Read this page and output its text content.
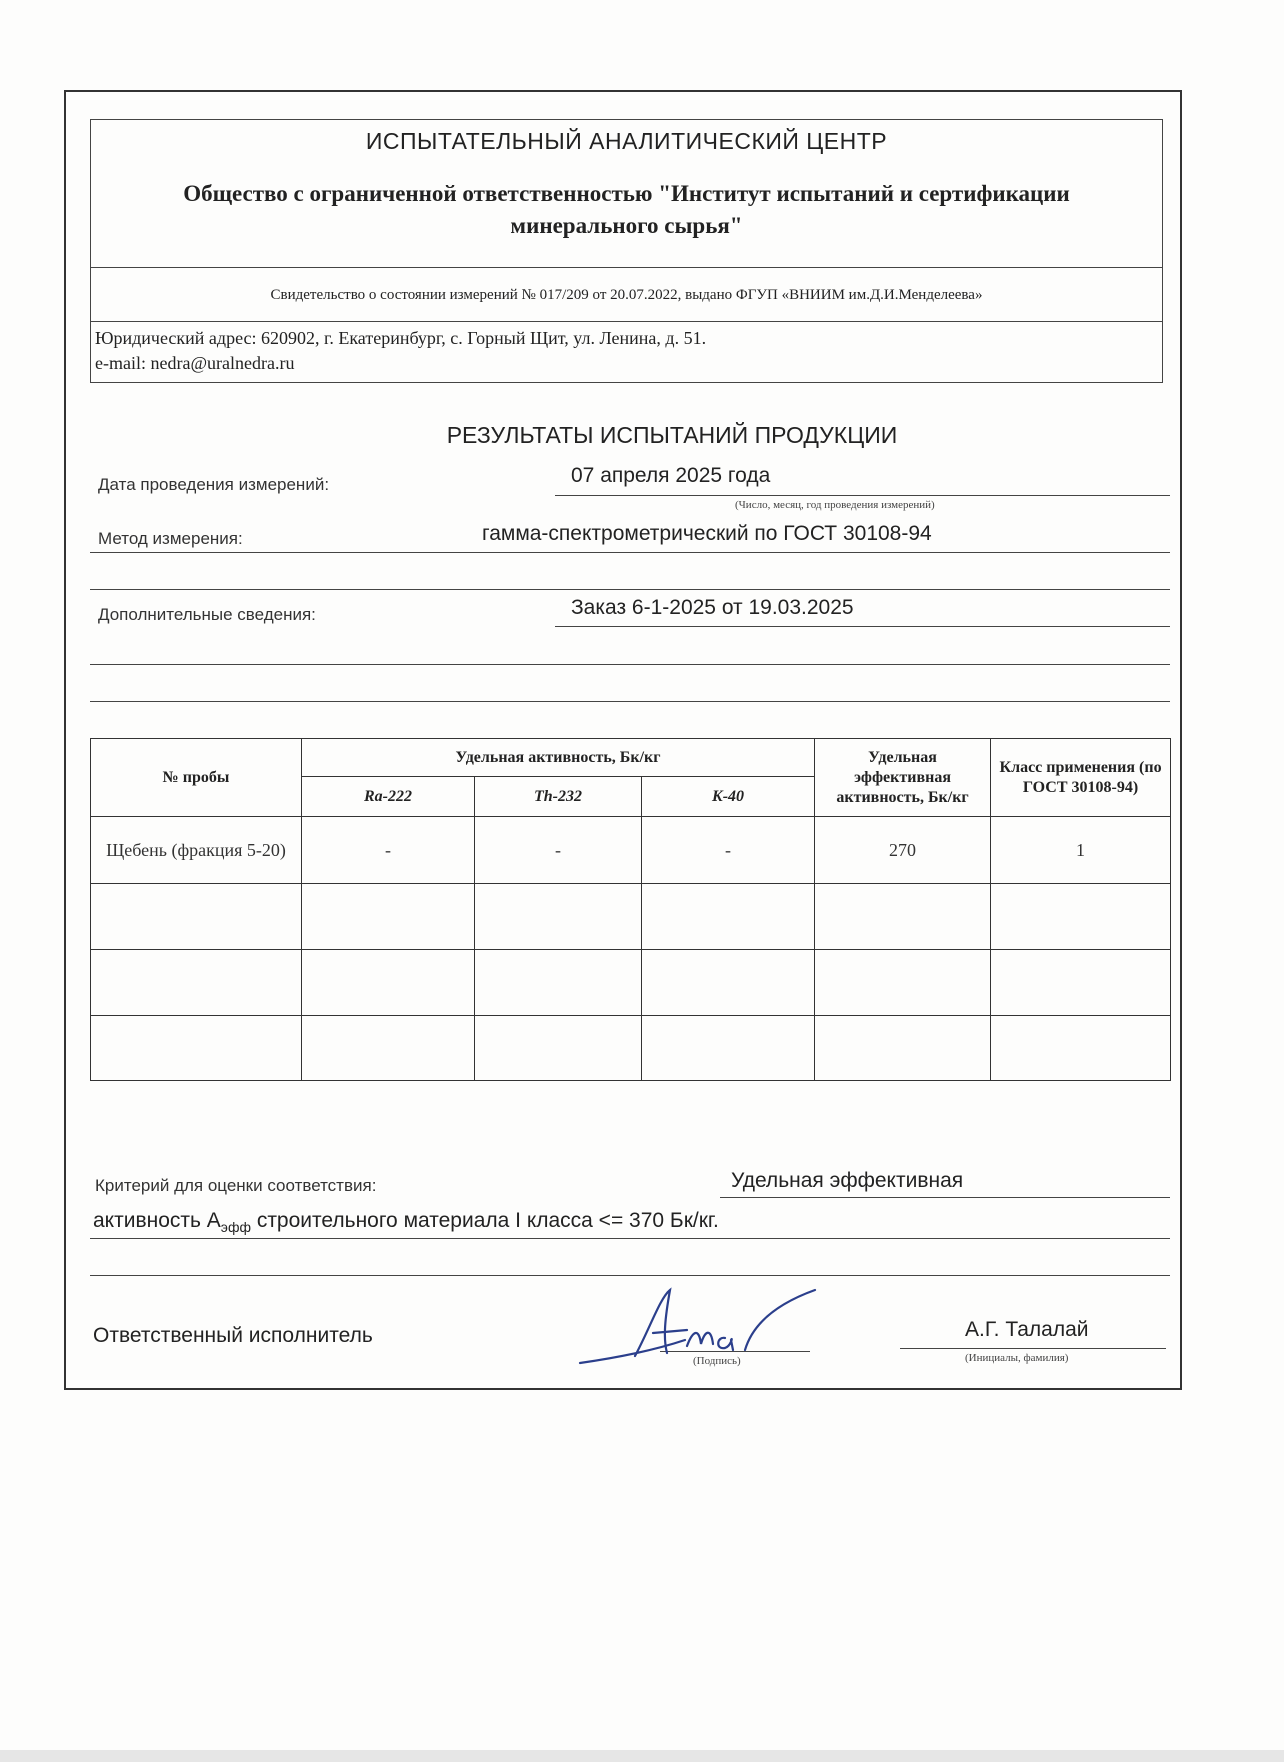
ИСПЫТАТЕЛЬНЫЙ АНАЛИТИЧЕСКИЙ ЦЕНТР
Общество с ограниченной ответственностью "Институт испытаний и сертификации минерального сырья"
Свидетельство о состоянии измерений № 017/209 от 20.07.2022, выдано ФГУП «ВНИИМ им.Д.И.Менделеева»
Юридический адрес: 620902, г. Екатеринбург, с. Горный Щит, ул. Ленина, д. 51.
e-mail: nedra@uralnedra.ru
РЕЗУЛЬТАТЫ ИСПЫТАНИЙ ПРОДУКЦИИ
Дата проведения измерений:	07 апреля 2025 года
(Число, месяц, год проведения измерений)
Метод измерения:	гамма-спектрометрический по ГОСТ 30108-94
Дополнительные сведения:	Заказ 6-1-2025 от 19.03.2025
№ пробы	Удельная активность, Бк/кг			Удельная эффективная активность, Бк/кг	Класс применения (по ГОСТ 30108-94)
	Ra-222	Th-232	K-40		
Щебень (фракция 5-20)	-	-	-	270	1

Критерий для оценки соответствия:	Удельная эффективная
активность $А_{эфф}$ строительного материала I класса <= 370 Бк/кг.
Ответственный исполнитель
(Подпись)
А.Г. Талалай
(Инициалы, фамилия)
